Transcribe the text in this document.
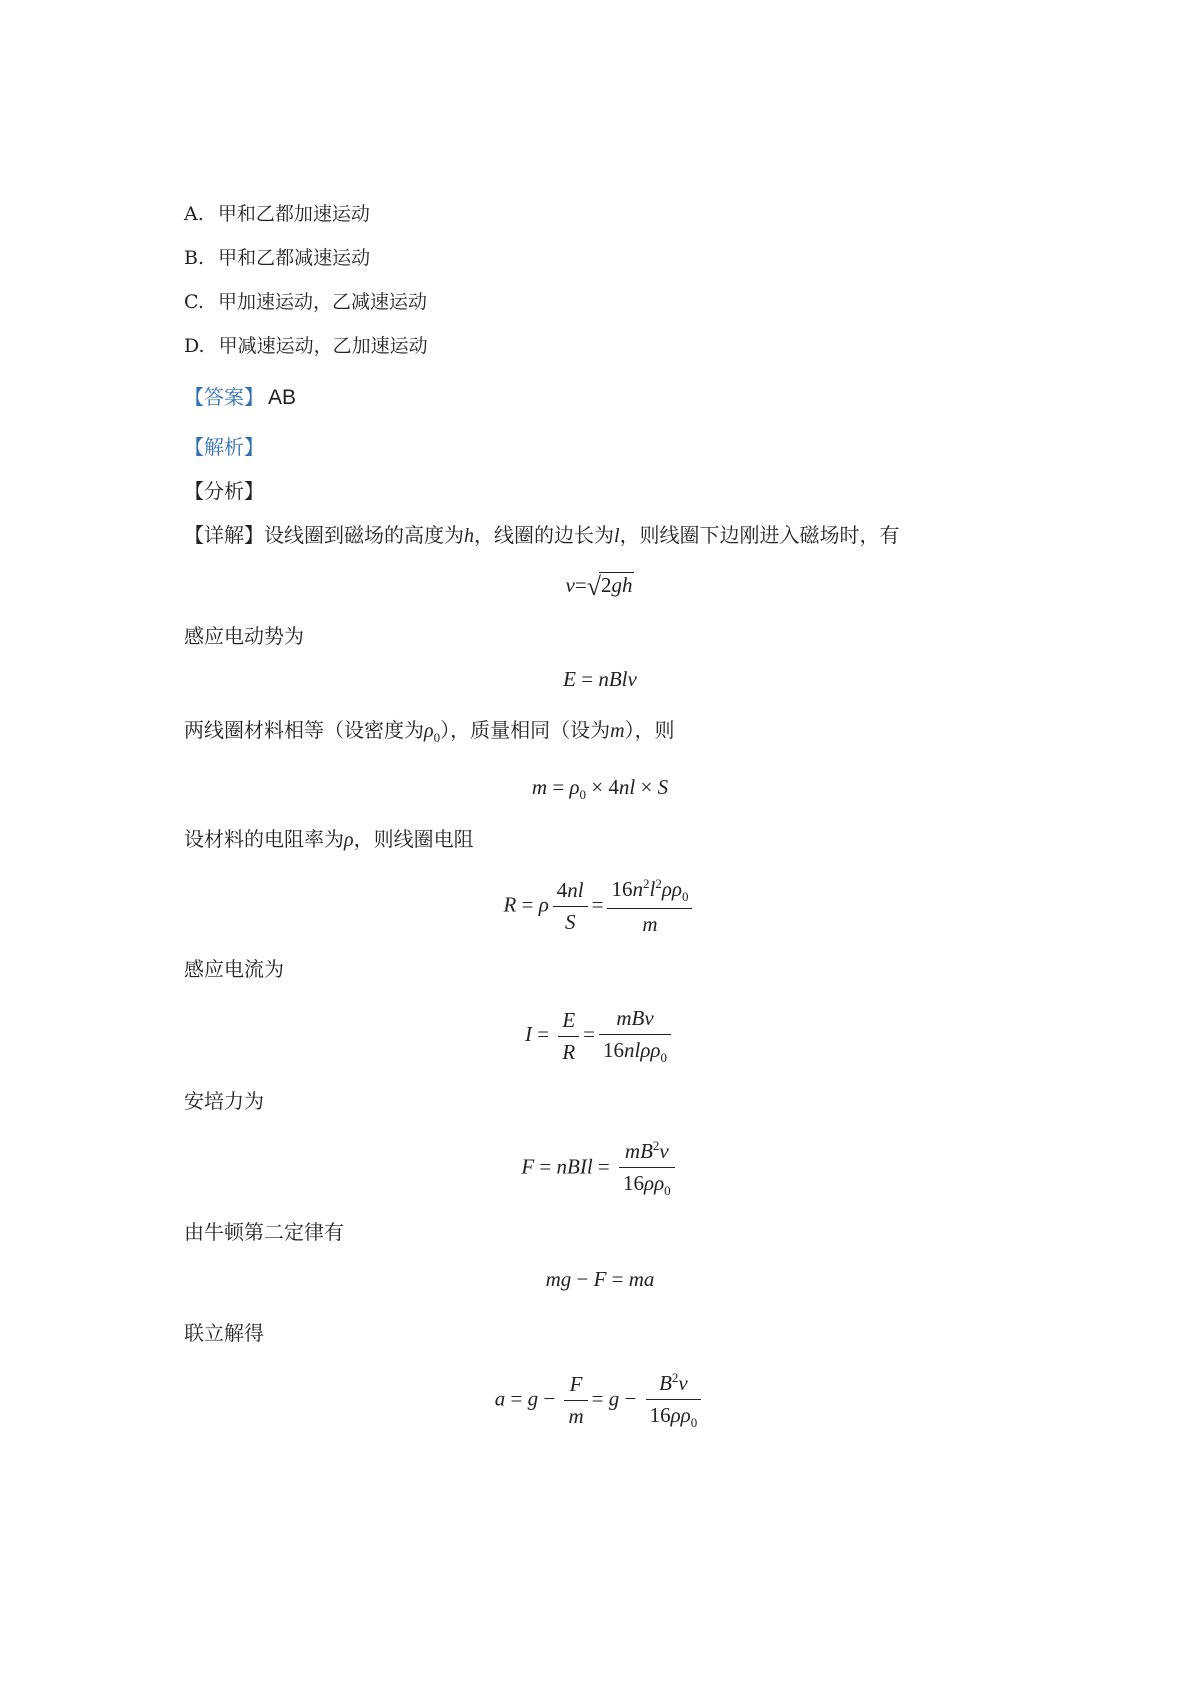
A. 甲和乙都加速运动
B. 甲和乙都减速运动
C. 甲加速运动，乙减速运动
D. 甲减速运动，乙加速运动
【答案】 AB
【解析】
【分析】
【详解】设线圈到磁场的高度为h，线圈的边长为l，则线圈下边刚进入磁场时，有
v=√2gh
感应电动势为
E = nBlv
两线圈材料相等（设密度为$\rho_0$），质量相同（设为m），则
$m = \rho_0 \times 4nl \times S$
设材料的电阻率为ρ，则线圈电阻
R = ρ $\frac{4nl}{S} = \frac{16n^2l^2\rho\rho_0}{m}$
感应电流为
$I = \frac{E}{R} = \frac{\text{mBv}}{16nl\rho\rho_0}$
安培力为
F = nBIl = $\frac{mB^2v}{16\rho\rho_0}$
由牛顿第二定律有
mg − F = ma
联立解得
$a = g - \frac{F}{m} = g - \frac{B^2v}{16\rho\rho_0}$
